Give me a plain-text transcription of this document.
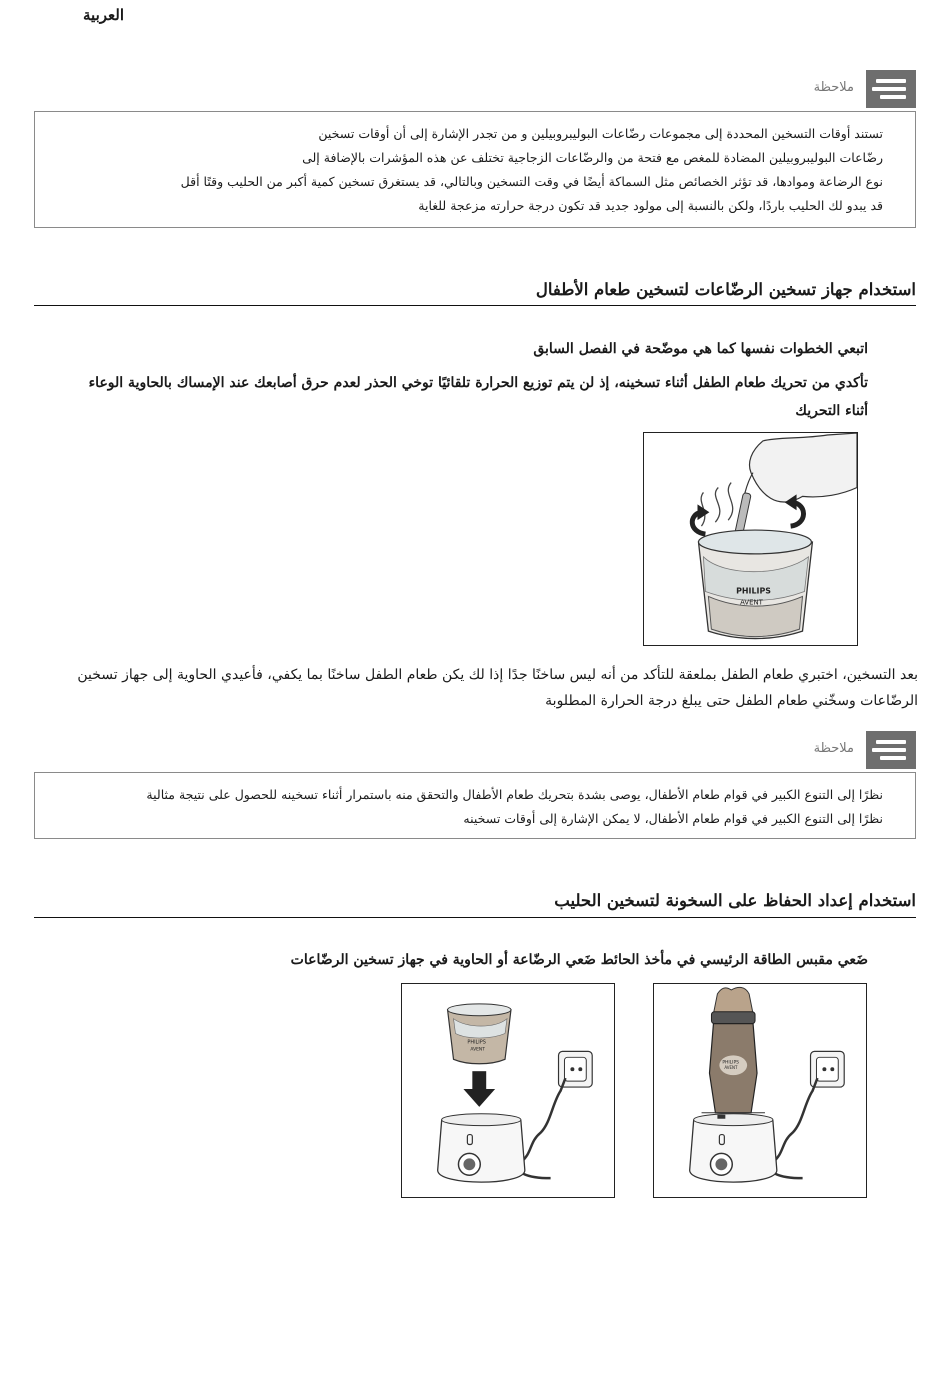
العربية
ملاحظة
تستند أوقات التسخين المحددة إلى مجموعات رضّاعات البوليبروبيلين و من تجدر الإشارة إلى أن أوقات تسخين
رضّاعات البوليبروبيلين المضادة للمغص مع فتحة من والرضّاعات الزجاجية تختلف عن هذه المؤشرات بالإضافة إلى
نوع الرضاعة وموادها، قد تؤثر الخصائص مثل السماكة أيضًا في وقت التسخين وبالتالي، قد يستغرق تسخين كمية أكبر من الحليب وقتًا أقل
قد يبدو لك الحليب باردًا، ولكن بالنسبة إلى مولود جديد قد تكون درجة حرارته مزعجة للغاية
استخدام جهاز تسخين الرضّاعات لتسخين طعام الأطفال
اتبعي الخطوات نفسها كما هي موضّحة في الفصل السابق
تأكدي من تحريك طعام الطفل أثناء تسخينه، إذ لن يتم توزيع الحرارة تلقائيًا توخي الحذر لعدم حرق أصابعك عند الإمساك بالحاوية الوعاء
أثناء التحريك
PHILIPS
AVENT
بعد التسخين، اختبري طعام الطفل بملعقة للتأكد من أنه ليس ساخنًا جدًا إذا لك يكن طعام الطفل ساخنًا بما يكفي، فأعيدي الحاوية إلى جهاز تسخين
الرضّاعات وسخّني طعام الطفل حتى يبلغ درجة الحرارة المطلوبة
ملاحظة
نظرًا إلى التنوع الكبير في قوام طعام الأطفال، يوصى بشدة بتحريك طعام الأطفال والتحقق منه باستمرار أثناء تسخينه للحصول على نتيجة مثالية
نظرًا إلى التنوع الكبير في قوام طعام الأطفال، لا يمكن الإشارة إلى أوقات تسخينه
استخدام إعداد الحفاظ على السخونة لتسخين الحليب
ضَعي مقبس الطاقة الرئيسي في مأخذ الحائط ضَعي الرضّاعة أو الحاوية في جهاز تسخين الرضّاعات
PHILIPS
AVENT
PHILIPS
AVENT
